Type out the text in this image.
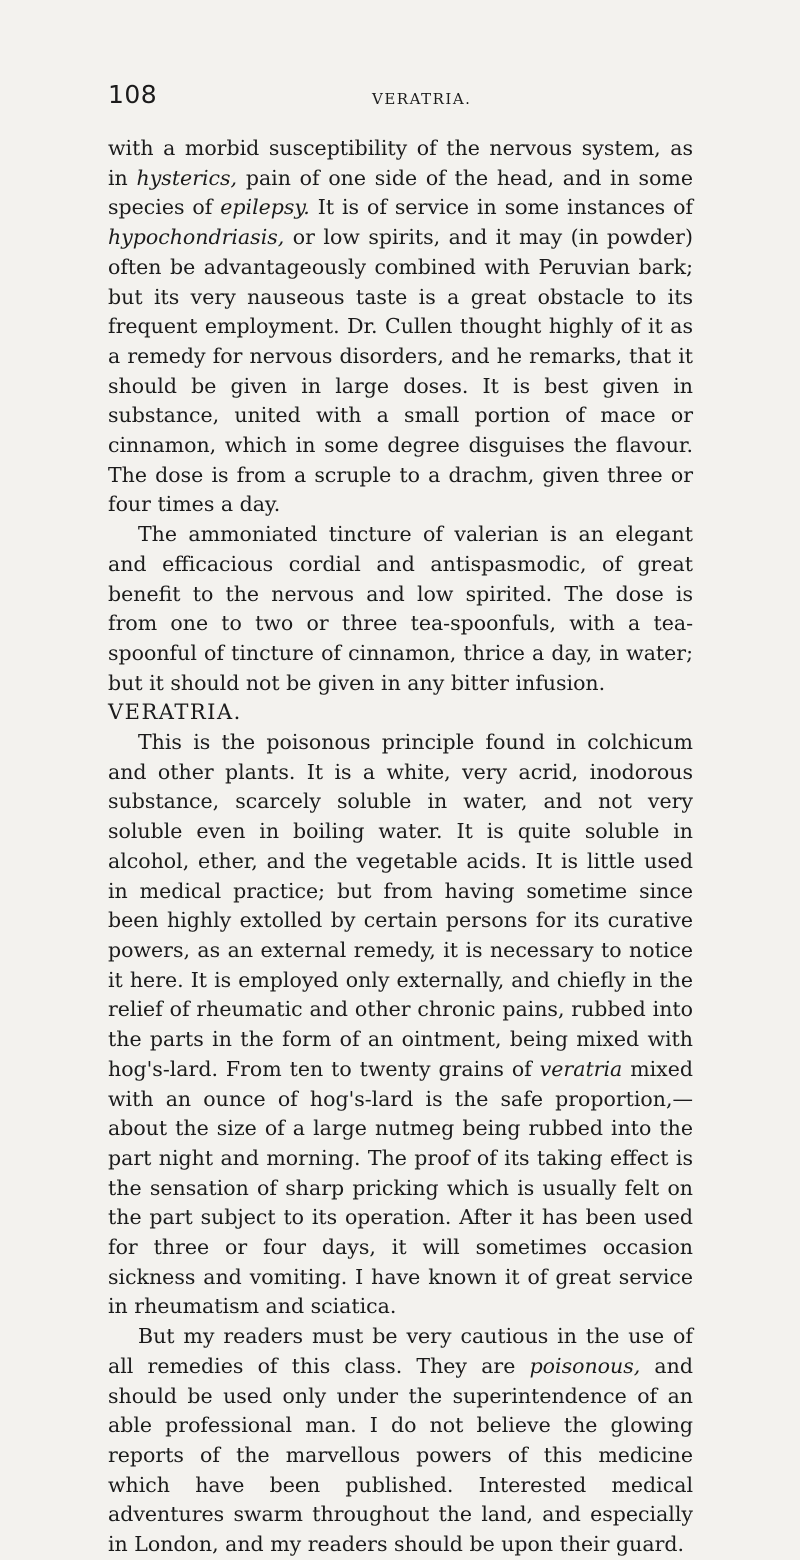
108	VERATRIA.

with a morbid susceptibility of the nervous system, as in hysterics, pain of one side of the head, and in some species of epilepsy. It is of service in some instances of hypochondriasis, or low spirits, and it may (in powder) often be advantageously combined with Peruvian bark; but its very nauseous taste is a great obstacle to its frequent employment. Dr. Cullen thought highly of it as a remedy for nervous disorders, and he remarks, that it should be given in large doses. It is best given in substance, united with a small portion of mace or cinnamon, which in some degree disguises the flavour. The dose is from a scruple to a drachm, given three or four times a day.

The ammoniated tincture of valerian is an elegant and efficacious cordial and antispasmodic, of great benefit to the nervous and low spirited. The dose is from one to two or three tea-spoonfuls, with a tea-spoonful of tincture of cinnamon, thrice a day, in water; but it should not be given in any bitter infusion.

VERATRIA.

This is the poisonous principle found in colchicum and other plants. It is a white, very acrid, inodorous substance, scarcely soluble in water, and not very soluble even in boiling water. It is quite soluble in alcohol, ether, and the vegetable acids. It is little used in medical practice; but from having sometime since been highly extolled by certain persons for its curative powers, as an external remedy, it is necessary to notice it here. It is employed only externally, and chiefly in the relief of rheumatic and other chronic pains, rubbed into the parts in the form of an ointment, being mixed with hog's-lard. From ten to twenty grains of veratria mixed with an ounce of hog's-lard is the safe proportion,—about the size of a large nutmeg being rubbed into the part night and morning. The proof of its taking effect is the sensation of sharp pricking which is usually felt on the part subject to its operation. After it has been used for three or four days, it will sometimes occasion sickness and vomiting. I have known it of great service in rheumatism and sciatica.

But my readers must be very cautious in the use of all remedies of this class. They are poisonous, and should be used only under the superintendence of an able professional man. I do not believe the glowing reports of the marvellous powers of this medicine which have been published. Interested medical adventures swarm throughout the land, and especially in London, and my readers should be upon their guard.
